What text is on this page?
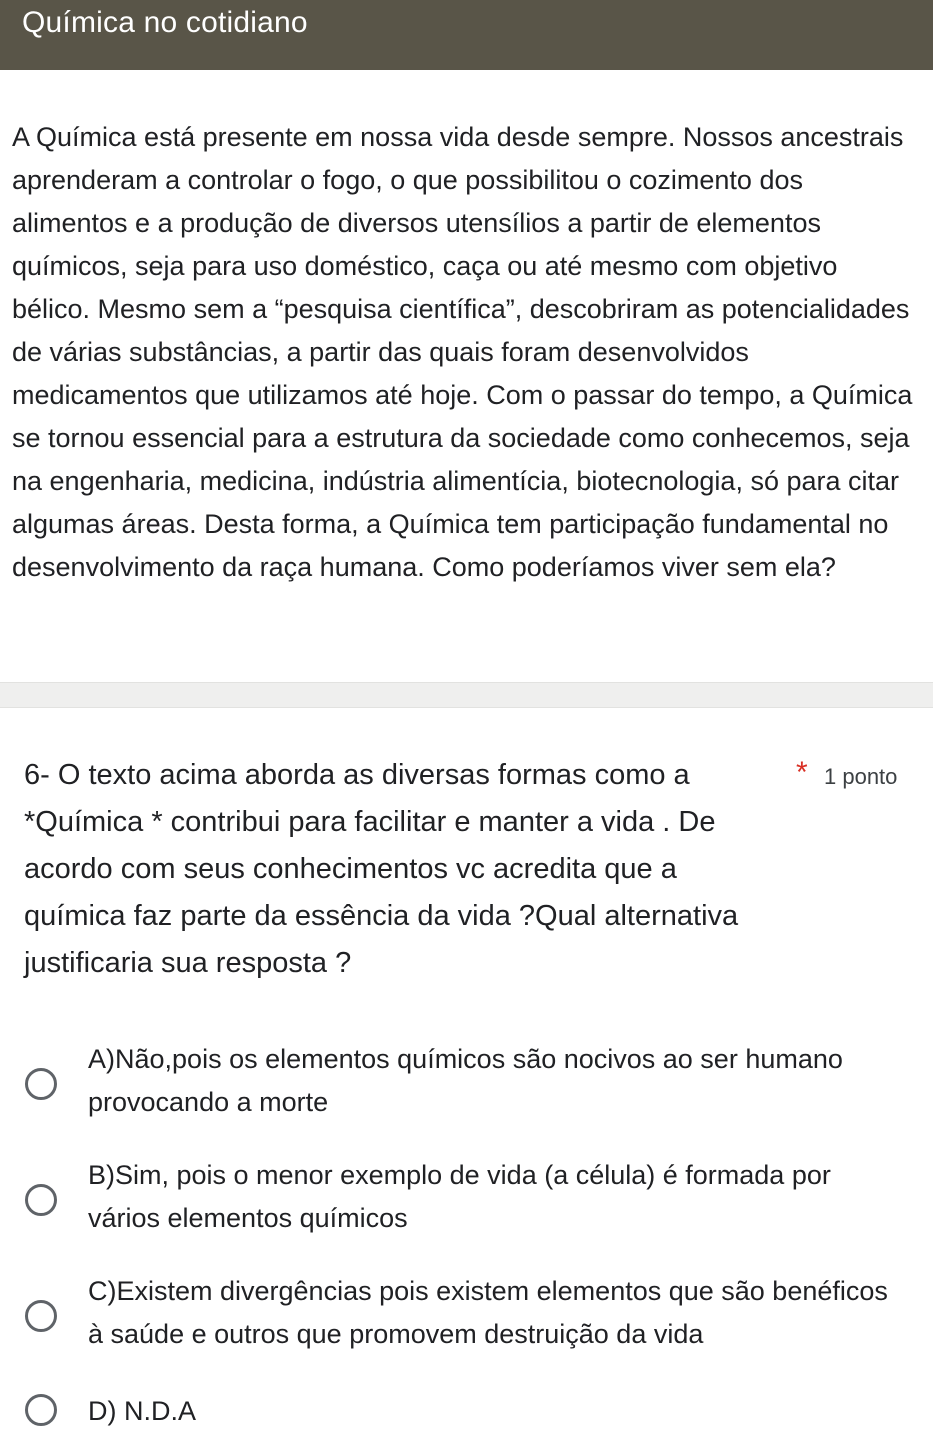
Química no cotidiano
A Química está presente em nossa vida desde sempre. Nossos ancestrais aprenderam a controlar o fogo, o que possibilitou o cozimento dos alimentos e a produção de diversos utensílios a partir de elementos químicos, seja para uso doméstico, caça ou até mesmo com objetivo bélico. Mesmo sem a “pesquisa científica”, descobriram as potencialidades de várias substâncias, a partir das quais foram desenvolvidos medicamentos que utilizamos até hoje. Com o passar do tempo, a Química se tornou essencial para a estrutura da sociedade como conhecemos, seja na engenharia, medicina, indústria alimentícia, biotecnologia, só para citar algumas áreas. Desta forma, a Química tem participação fundamental no desenvolvimento da raça humana. Como poderíamos viver sem ela?
6- O texto acima aborda as diversas formas como a *Química * contribui para facilitar e manter a vida . De acordo com seus conhecimentos vc acredita que a química faz parte da essência da vida ?Qual alternativa justificaria sua resposta ?
* 1 ponto
A)Não,pois os elementos químicos são nocivos ao ser humano provocando a morte
B)Sim, pois o menor exemplo de vida (a célula) é formada por vários elementos químicos
C)Existem divergências pois existem elementos que são benéficos à saúde e outros que promovem destruição da vida
D) N.D.A
